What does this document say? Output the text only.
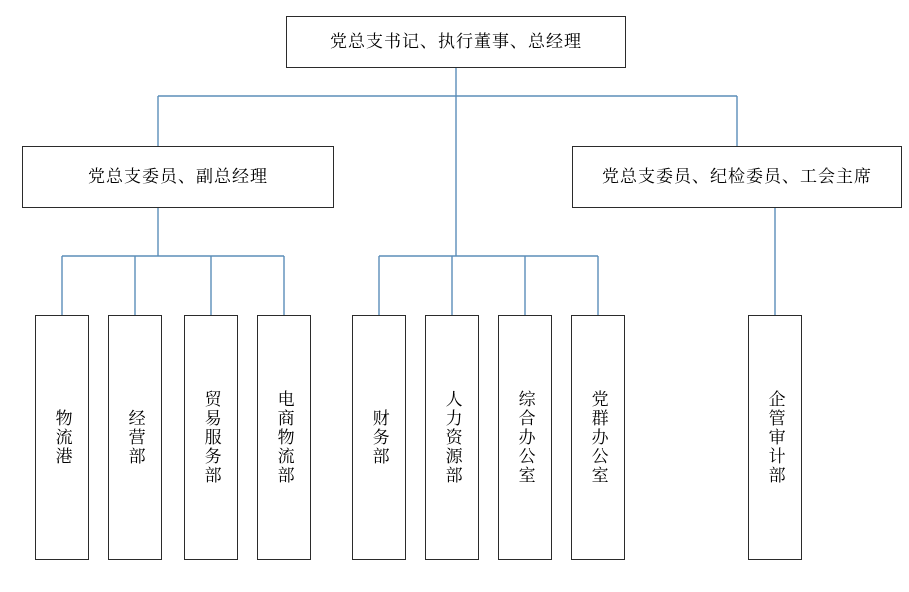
党总支书记、执行董事、总经理
党总支委员、副总经理	党总支委员、纪检委员、工会主席
物流港	经营部	贸易服务部	电商物流部	财务部	人力资源部	综合办公室	党群办公室	企管审计部
